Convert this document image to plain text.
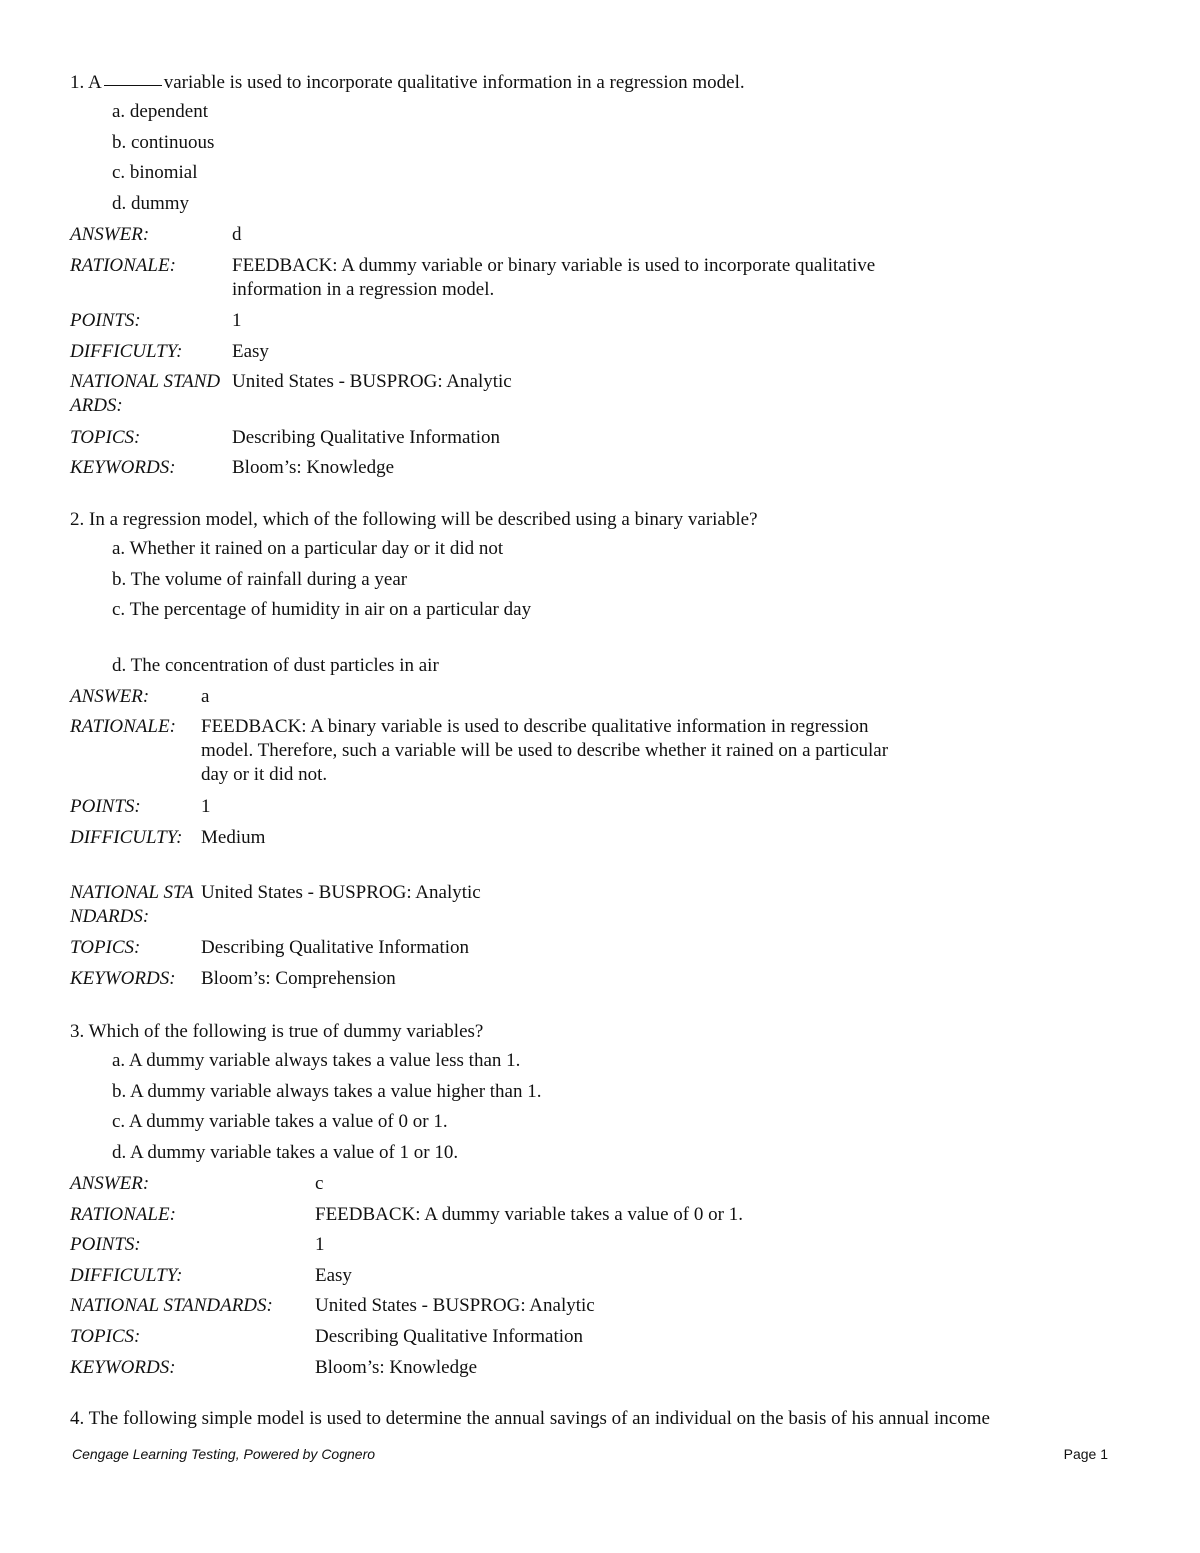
1. A	variable is used to incorporate qualitative information in a regression model.
a. dependent
b. continuous
c. binomial
d. dummy
ANSWER:	d
RATIONALE:	FEEDBACK: A dummy variable or binary variable is used to incorporate qualitative information in a regression model.
POINTS:	1
DIFFICULTY:	Easy
NATIONAL STANDARDS:
United States - BUSPROG: Analytic
TOPICS:	Describing Qualitative Information
KEYWORDS:	Bloom’s: Knowledge
2. In a regression model, which of the following will be described using a binary variable?
a. Whether it rained on a particular day or it did not
b. The volume of rainfall during a year
c. The percentage of humidity in air on a particular day
d. The concentration of dust particles in air
ANSWER:	a
RATIONALE:	FEEDBACK: A binary variable is used to describe qualitative information in regression model. Therefore, such a variable will be used to describe whether it rained on a particular day or it did not.
POINTS:	1
DIFFICULTY: Medium
NATIONAL STANDARDS:
United States - BUSPROG: Analytic
TOPICS:	Describing Qualitative Information
KEYWORDS:	Bloom’s: Comprehension
3. Which of the following is true of dummy variables?
a. A dummy variable always takes a value less than 1.
b. A dummy variable always takes a value higher than 1.
c. A dummy variable takes a value of 0 or 1.
d. A dummy variable takes a value of 1 or 10.
ANSWER:	c
RATIONALE:	FEEDBACK: A dummy variable takes a value of 0 or 1.
POINTS:	1
DIFFICULTY:	Easy
NATIONAL STANDARDS:	United States - BUSPROG: Analytic
TOPICS:	Describing Qualitative Information
KEYWORDS:	Bloom’s: Knowledge
4. The following simple model is used to determine the annual savings of an individual on the basis of his annual income
Cengage Learning Testing, Powered by Cognero	Page 1
